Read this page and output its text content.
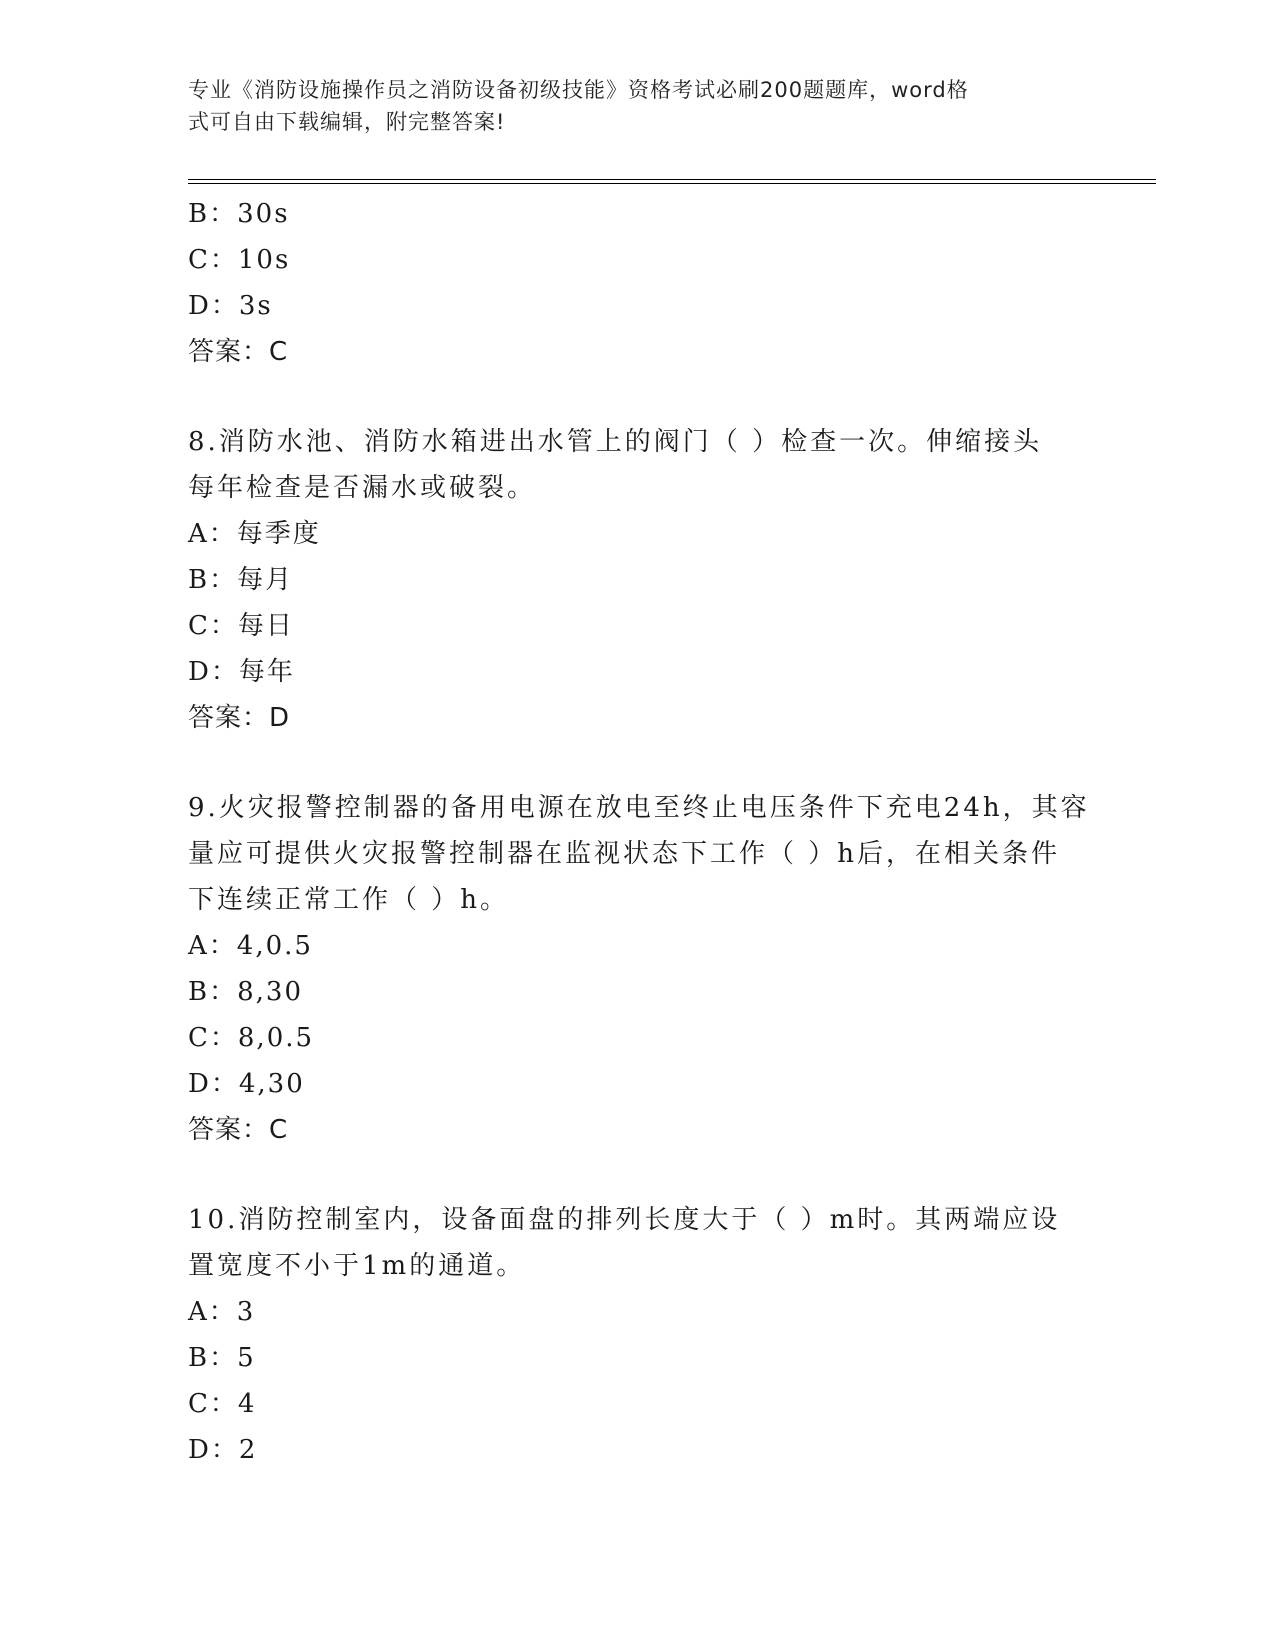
专业《消防设施操作员之消防设备初级技能》资格考试必刷200题题库，word格
式可自由下载编辑，附完整答案!
B：30s
C：10s
D：3s
答案：C
8.消防水池、消防水箱进出水管上的阀门（ ）检查一次。伸缩接头
每年检查是否漏水或破裂。
A：每季度
B：每月
C：每日
D：每年
答案：D
9.火灾报警控制器的备用电源在放电至终止电压条件下充电24h，其容
量应可提供火灾报警控制器在监视状态下工作（ ）h后，在相关条件
下连续正常工作（ ）h。
A：4,0.5
B：8,30
C：8,0.5
D：4,30
答案：C
10.消防控制室内，设备面盘的排列长度大于（ ）m时。其两端应设
置宽度不小于1m的通道。
A：3
B：5
C：4
D：2
